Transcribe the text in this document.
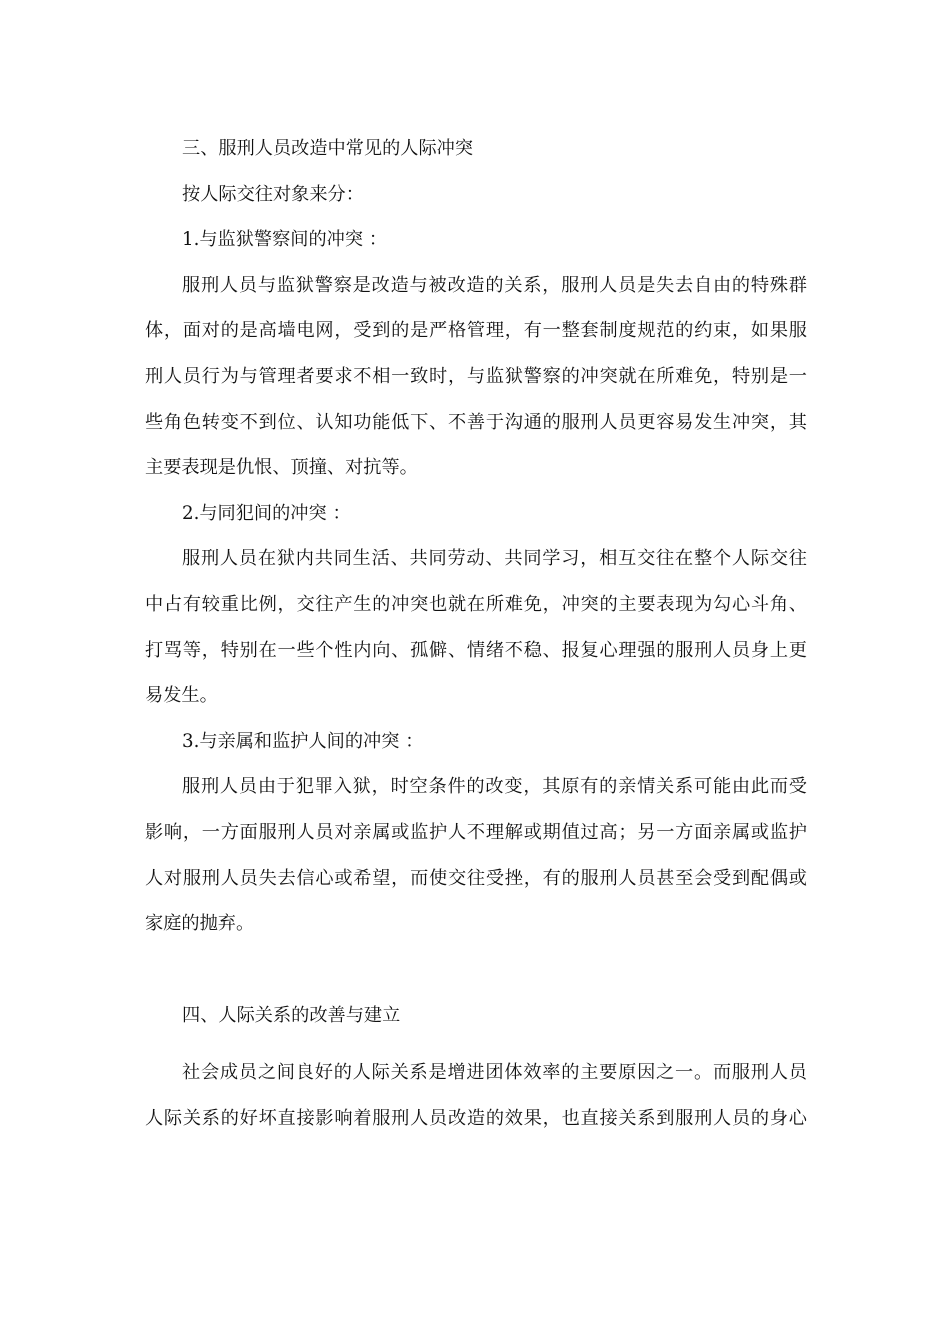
三、服刑人员改造中常见的人际冲突

按人际交往对象来分：

1.与监狱警察间的冲突 ：

服刑人员与监狱警察是改造与被改造的关系，服刑人员是失去自由的特殊群

体，面对的是高墙电网，受到的是严格管理，有一整套制度规范的约束，如果服

刑人员行为与管理者要求不相一致时，与监狱警察的冲突就在所难免，特别是一

些角色转变不到位、认知功能低下、不善于沟通的服刑人员更容易发生冲突，其

主要表现是仇恨、顶撞、对抗等。

2.与同犯间的冲突 ：

服刑人员在狱内共同生活、共同劳动、共同学习，相互交往在整个人际交往

中占有较重比例，交往产生的冲突也就在所难免，冲突的主要表现为勾心斗角、

打骂等，特别在一些个性内向、孤僻、情绪不稳、报复心理强的服刑人员身上更

易发生。

3.与亲属和监护人间的冲突 ：

服刑人员由于犯罪入狱，时空条件的改变，其原有的亲情关系可能由此而受

影响，一方面服刑人员对亲属或监护人不理解或期值过高；另一方面亲属或监护

人对服刑人员失去信心或希望，而使交往受挫，有的服刑人员甚至会受到配偶或

家庭的抛弃。

四、人际关系的改善与建立

社会成员之间良好的人际关系是增进团体效率的主要原因之一。而服刑人员

人际关系的好坏直接影响着服刑人员改造的效果，也直接关系到服刑人员的身心
